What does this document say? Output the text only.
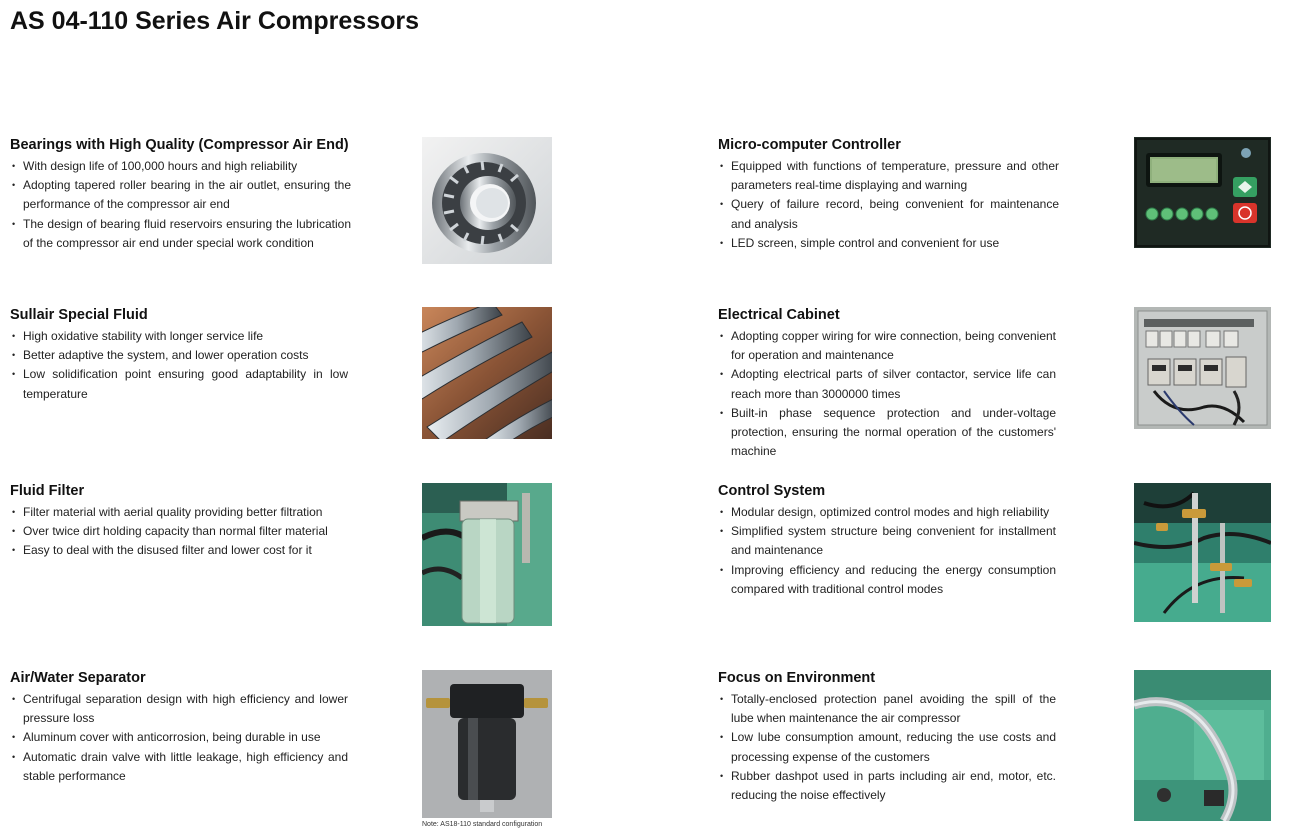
AS 04-110 Series Air Compressors
Bearings with High Quality (Compressor Air End)
• With design life of 100,000 hours and high reliability
• Adopting tapered roller bearing in the air outlet, ensuring the performance of the compressor air end
• The design of bearing fluid reservoirs ensuring the lubrication of the compressor air end under special work condition
Sullair Special Fluid
• High oxidative stability with longer service life
• Better adaptive the system, and lower operation costs
• Low solidification point ensuring good adaptability in low temperature
Fluid Filter
• Filter material with aerial quality providing better filtration
• Over twice dirt holding capacity than normal filter material
• Easy to deal with the disused filter and lower cost for it
Air/Water Separator
• Centrifugal separation design with high efficiency and lower pressure loss
• Aluminum cover with anticorrosion, being durable in use
• Automatic drain valve with little leakage, high efficiency and stable performance
Note: AS18-110 standard configuration
Micro-computer Controller
• Equipped with functions of temperature, pressure and other parameters real-time displaying and warning
• Query of failure record, being convenient for maintenance and analysis
• LED screen, simple control and convenient for use
Electrical Cabinet
• Adopting copper wiring for wire connection, being convenient for operation and maintenance
• Adopting electrical parts of silver contactor, service life can reach more than 3000000 times
• Built-in phase sequence protection and under-voltage protection, ensuring the normal operation of the customers' machine
Control System
• Modular design, optimized control modes and high reliability
• Simplified system structure being convenient for installment and maintenance
• Improving efficiency and reducing the energy consumption compared with traditional control modes
Focus on Environment
• Totally-enclosed protection panel avoiding the spill of the lube when maintenance the air compressor
• Low lube consumption amount, reducing the use costs and processing expense of the customers
• Rubber dashpot used in parts including air end, motor, etc. reducing the noise effectively
